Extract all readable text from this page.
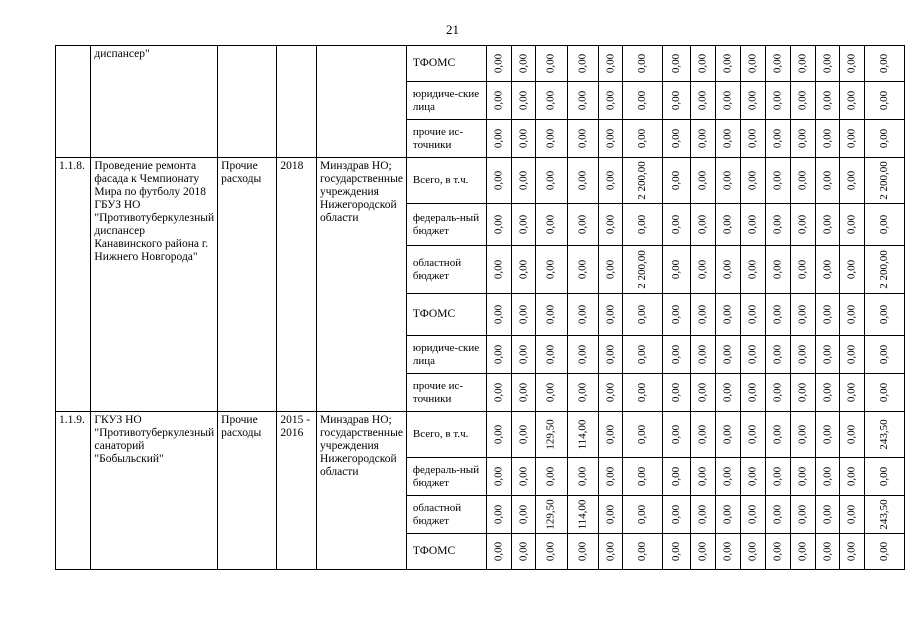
21
	диспансер"				ТФОМС	0,00	0,00	0,00	0,00	0,00	0,00	0,00	0,00	0,00	0,00	0,00	0,00	0,00	0,00	0,00

					юридиче-ские лица	0,00	0,00	0,00	0,00	0,00	0,00	0,00	0,00	0,00	0,00	0,00	0,00	0,00	0,00	0,00

					прочие ис-точники	0,00	0,00	0,00	0,00	0,00	0,00	0,00	0,00	0,00	0,00	0,00	0,00	0,00	0,00	0,00

1.1.8.	Проведение ремонта фасада к Чемпионату Мира по футболу 2018 ГБУЗ НО "Противотуберкулезный диспансер Канавинского района г. Нижнего Новгорода"	Прочие расходы	2018	Минздрав НО; государственные учреждения Нижегородской области	Всего, в т.ч.	0,00	0,00	0,00	0,00	0,00	2 200,00	0,00	0,00	0,00	0,00	0,00	0,00	0,00	0,00	2 200,00

					федераль-ный бюджет	0,00	0,00	0,00	0,00	0,00	0,00	0,00	0,00	0,00	0,00	0,00	0,00	0,00	0,00	0,00

					областной бюджет	0,00	0,00	0,00	0,00	0,00	2 200,00	0,00	0,00	0,00	0,00	0,00	0,00	0,00	0,00	2 200,00

					ТФОМС	0,00	0,00	0,00	0,00	0,00	0,00	0,00	0,00	0,00	0,00	0,00	0,00	0,00	0,00	0,00

					юридиче-ские лица	0,00	0,00	0,00	0,00	0,00	0,00	0,00	0,00	0,00	0,00	0,00	0,00	0,00	0,00	0,00

					прочие ис-точники	0,00	0,00	0,00	0,00	0,00	0,00	0,00	0,00	0,00	0,00	0,00	0,00	0,00	0,00	0,00

1.1.9.	ГКУЗ НО "Противотуберкулезный санаторий "Бобыльский"	Прочие расходы	2015 - 2016	Минздрав НО; государственные учреждения Нижегородской области	Всего, в т.ч.	0,00	0,00	129,50	114,00	0,00	0,00	0,00	0,00	0,00	0,00	0,00	0,00	0,00	0,00	243,50

					федераль-ный бюджет	0,00	0,00	0,00	0,00	0,00	0,00	0,00	0,00	0,00	0,00	0,00	0,00	0,00	0,00	0,00

					областной бюджет	0,00	0,00	129,50	114,00	0,00	0,00	0,00	0,00	0,00	0,00	0,00	0,00	0,00	0,00	243,50

					ТФОМС	0,00	0,00	0,00	0,00	0,00	0,00	0,00	0,00	0,00	0,00	0,00	0,00	0,00	0,00	0,00
